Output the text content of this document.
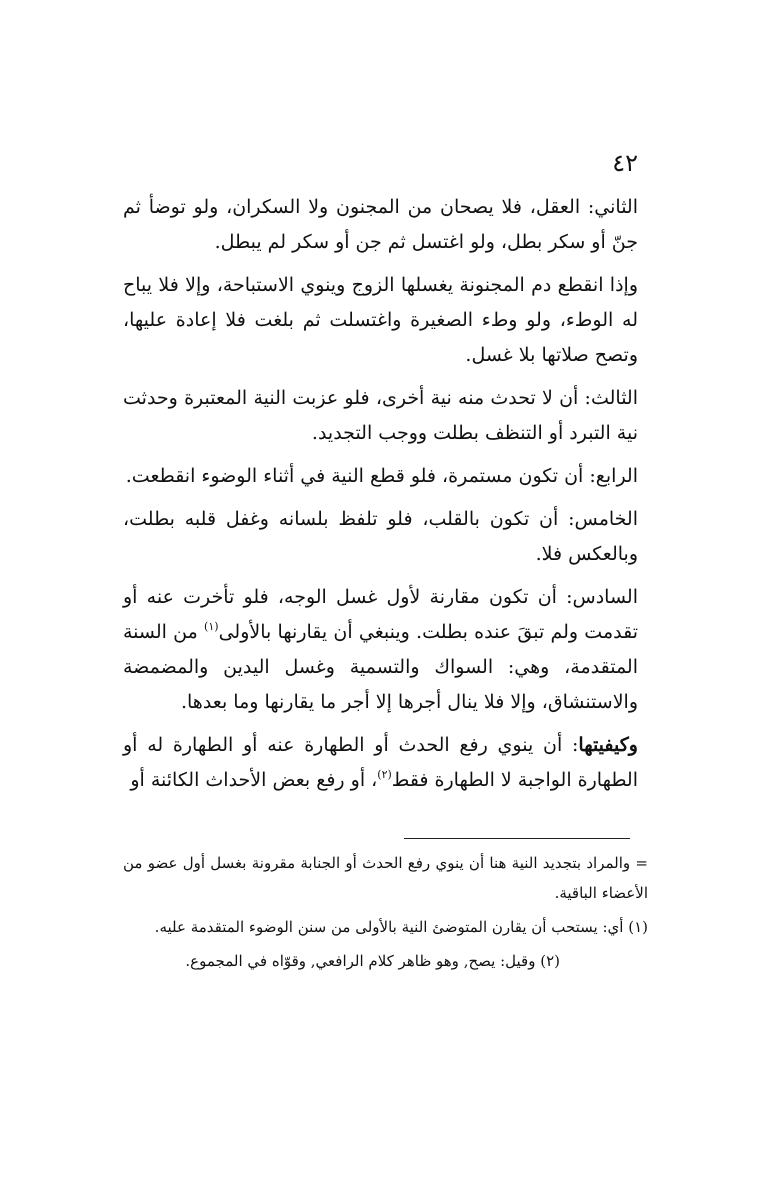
٤٢

الثاني: العقل، فلا يصحان من المجنون ولا السكران، ولو توضأ ثم جنّ أو سكر بطل، ولو اغتسل ثم جن أو سكر لم يبطل.

وإذا انقطع دم المجنونة يغسلها الزوج وينوي الاستباحة، وإلا فلا يباح له الوطء، ولو وطء الصغيرة واغتسلت ثم بلغت فلا إعادة عليها، وتصح صلاتها بلا غسل.

الثالث: أن لا تحدث منه نية أخرى، فلو عزبت النية المعتبرة وحدثت نية التبرد أو التنظف بطلت ووجب التجديد.

الرابع: أن تكون مستمرة، فلو قطع النية في أثناء الوضوء انقطعت.

الخامس: أن تكون بالقلب، فلو تلفظ بلسانه وغفل قلبه بطلت، وبالعكس فلا.

السادس: أن تكون مقارنة لأول غسل الوجه، فلو تأخرت عنه أو تقدمت ولم تبقَ عنده بطلت. وينبغي أن يقارنها بالأولى$^{(١)}$ من السنة المتقدمة، وهي: السواك والتسمية وغسل اليدين والمضمضة والاستنشاق، وإلا فلا ينال أجرها إلا أجر ما يقارنها وما بعدها.

وكيفيتها: أن ينوي رفع الحدث أو الطهارة عنه أو الطهارة له أو الطهارة الواجبة لا الطهارة فقط$^{(٢)}$، أو رفع بعض الأحداث الكائنة أو

= والمراد بتجديد النية هنا أن ينوي رفع الحدث أو الجنابة مقرونة بغسل أول عضو من الأعضاء الباقية.

(١) أي: يستحب أن يقارن المتوضئ النية بالأولى من سنن الوضوء المتقدمة عليه.

(٢) وقيل: يصح, وهو ظاهر كلام الرافعي, وقوّاه في المجموع.
